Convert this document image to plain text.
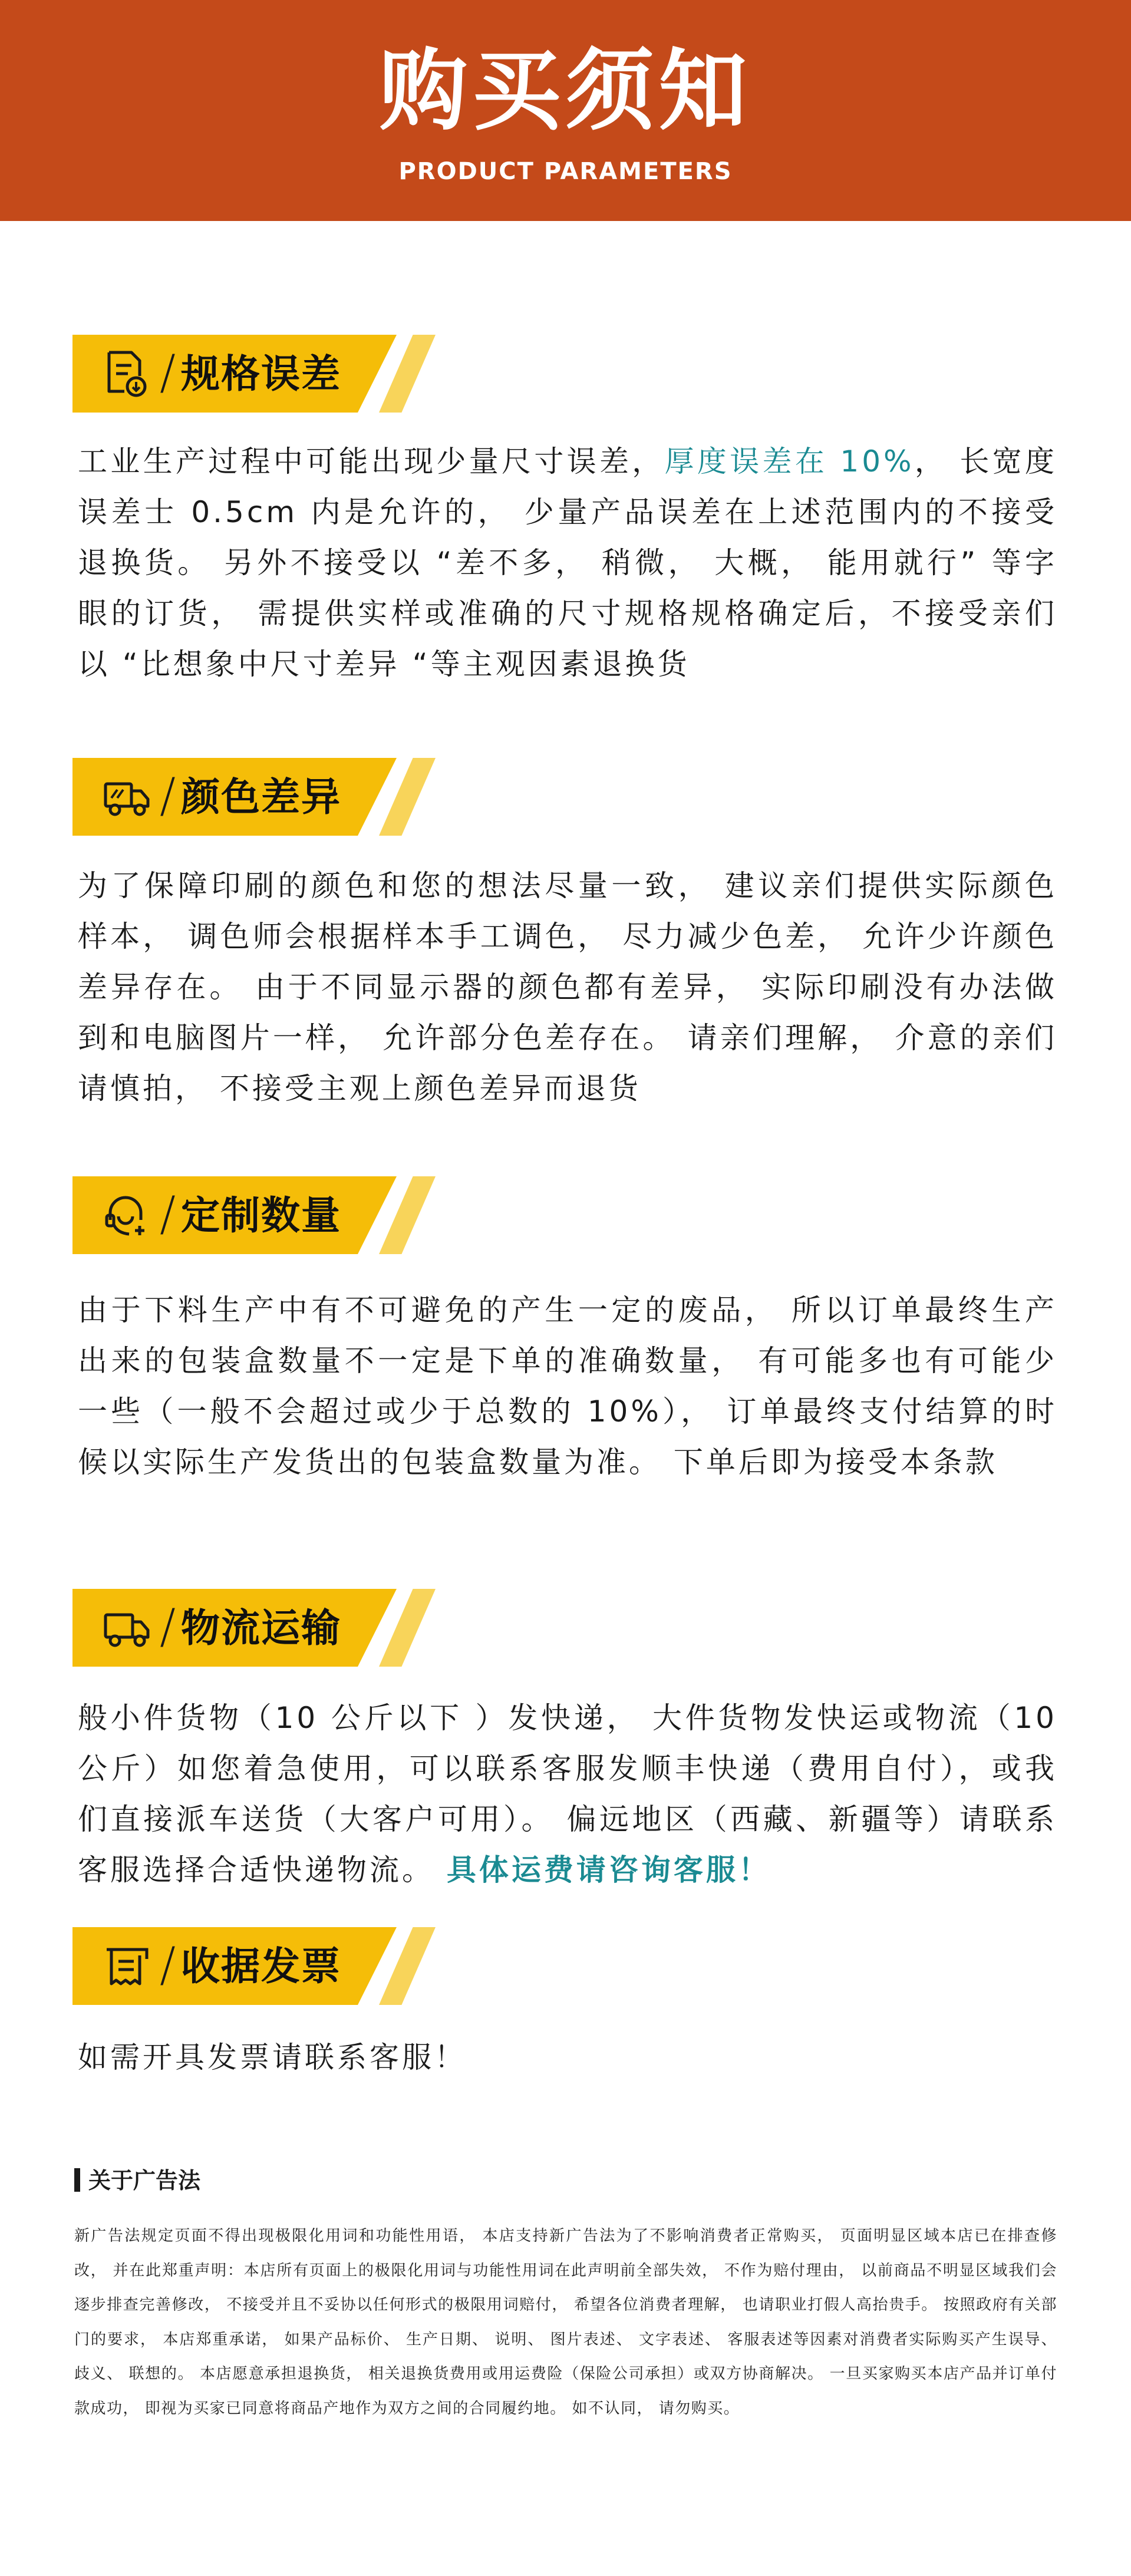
购买须知
PRODUCT PARAMETERS
/ 规格误差
工业生产过程中可能出现少量尺寸误差，厚度误差在 10%， 长宽度误差士 0.5cm 内是允许的， 少量产品误差在上述范围内的不接受退换货。 另外不接受以 “差不多， 稍微， 大概， 能用就行” 等字眼的订货， 需提供实样或准确的尺寸规格规格确定后，不接受亲们以 “比想象中尺寸差异 “等主观因素退换货
/ 颜色差异
为了保障印刷的颜色和您的想法尽量一致， 建议亲们提供实际颜色样本， 调色师会根据样本手工调色， 尽力减少色差， 允许少许颜色差异存在。 由于不同显示器的颜色都有差异， 实际印刷没有办法做到和电脑图片一样， 允许部分色差存在。 请亲们理解， 介意的亲们请慎拍， 不接受主观上颜色差异而退货
/ 定制数量
由于下料生产中有不可避免的产生一定的废品， 所以订单最终生产出来的包装盒数量不一定是下单的准确数量， 有可能多也有可能少一些（一般不会超过或少于总数的 10%）， 订单最终支付结算的时候以实际生产发货出的包装盒数量为准。 下单后即为接受本条款
/ 物流运输
般小件货物（10 公斤以下 ）发快递， 大件货物发快运或物流（10 公斤）如您着急使用，可以联系客服发顺丰快递（费用自付），或我们直接派车送货（大客户可用）。 偏远地区（西藏、新疆等）请联系客服选择合适快递物流。 具体运费请咨询客服！
/ 收据发票
如需开具发票请联系客服！
关于广告法
新广告法规定页面不得出现极限化用词和功能性用语， 本店支持新广告法为了不影响消费者正常购买， 页面明显区域本店已在排查修改， 并在此郑重声明：本店所有页面上的极限化用词与功能性用词在此声明前全部失效， 不作为赔付理由， 以前商品不明显区域我们会逐步排查完善修改， 不接受并且不妥协以任何形式的极限用词赔付， 希望各位消费者理解， 也请职业打假人高抬贵手。 按照政府有关部门的要求， 本店郑重承诺， 如果产品标价、 生产日期、 说明、 图片表述、 文字表述、 客服表述等因素对消费者实际购买产生误导、 歧义、 联想的。 本店愿意承担退换货， 相关退换货费用或用运费险（保险公司承担）或双方协商解决。 一旦买家购买本店产品并订单付款成功， 即视为买家已同意将商品产地作为双方之间的合同履约地。 如不认同， 请勿购买。
